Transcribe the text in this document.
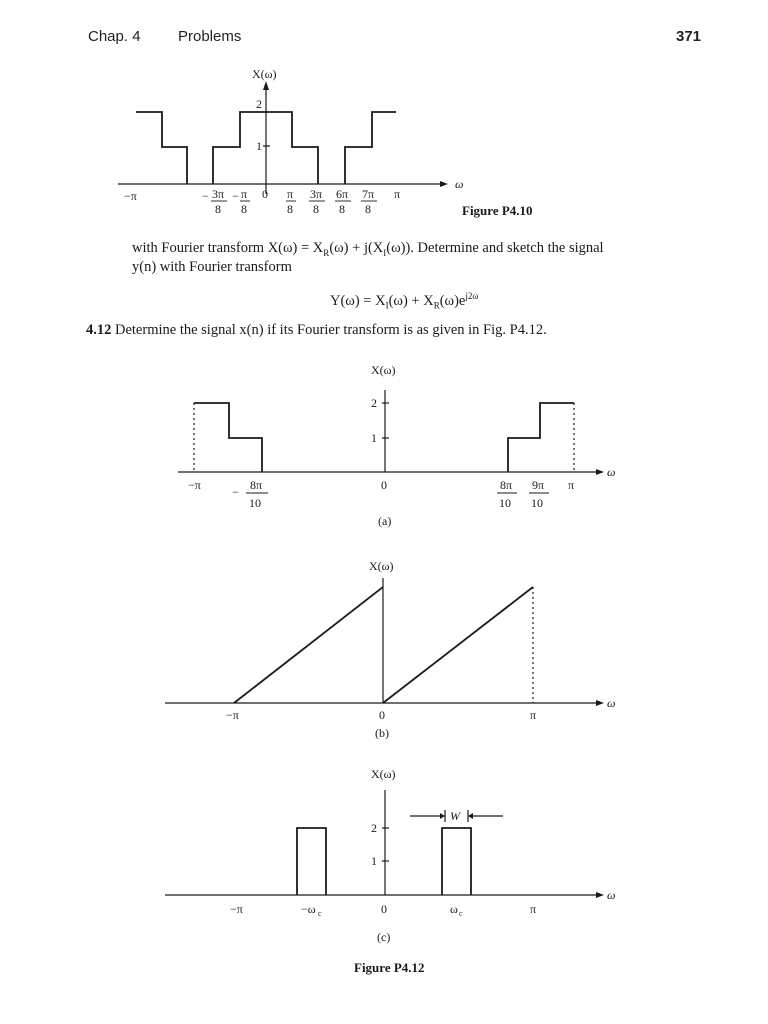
Chap. 4 Problems	371
X(ω)
2
1
ω
−π	− 3π
8
− π
8
0 π
8
3π
8
6π
8
7π
8
π
Figure P4.10
with Fourier transform $X(\omega) = X_R(\omega) + j(X_I(\omega))$. Determine and sketch the signal
y(n) with Fourier transform
$Y(\omega) = X_I(\omega) + X_R(\omega)e^{j2\omega}$
4.12 Determine the signal x(n) if its Fourier transform is as given in Fig. P4.12.
X(ω)
2
1
ω
−π	− 8π
10
0	8π
10
9π
10
π
(a)
X(ω)
ω
−π	0	π
(b)
W
X(ω)
2
1
ω
−π	−ω c	0	ω c	π
(c)
Figure P4.12
